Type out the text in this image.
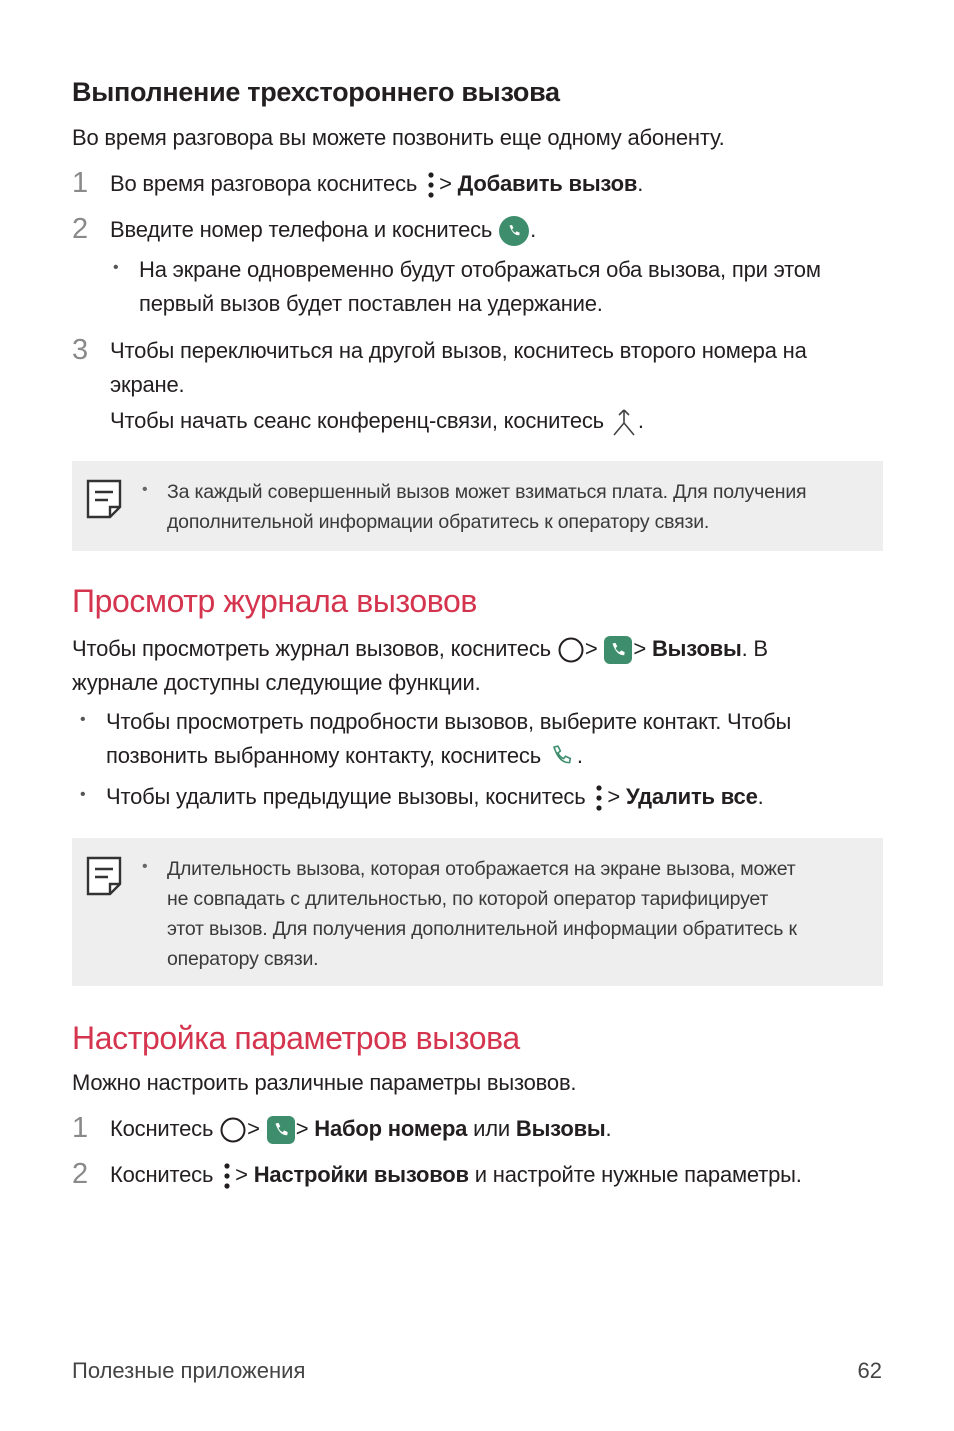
Выполнение трехстороннего вызова
Во время разговора вы можете позвонить еще одному абоненту.
1 Во время разговора коснитесь > Добавить вызов.
2 Введите номер телефона и коснитесь .
• На экране одновременно будут отображаться оба вызова, при этом
первый вызов будет поставлен на удержание.
3 Чтобы переключиться на другой вызов, коснитесь второго номера на
экране.
Чтобы начать сеанс конференц-связи, коснитесь .
• За каждый совершенный вызов может взиматься плата. Для получения
дополнительной информации обратитесь к оператору связи.
Просмотр журнала вызовов
Чтобы просмотреть журнал вызовов, коснитесь > > Вызовы. В
журнале доступны следующие функции.
• Чтобы просмотреть подробности вызовов, выберите контакт. Чтобы
позвонить выбранному контакту, коснитесь .
• Чтобы удалить предыдущие вызовы, коснитесь > Удалить все.
• Длительность вызова, которая отображается на экране вызова, может
не совпадать с длительностью, по которой оператор тарифицирует
этот вызов. Для получения дополнительной информации обратитесь к
оператору связи.
Настройка параметров вызова
Можно настроить различные параметры вызовов.
1 Коснитесь > > Набор номера или Вызовы.
2 Коснитесь > Настройки вызовов и настройте нужные параметры.
Полезные приложения	62
